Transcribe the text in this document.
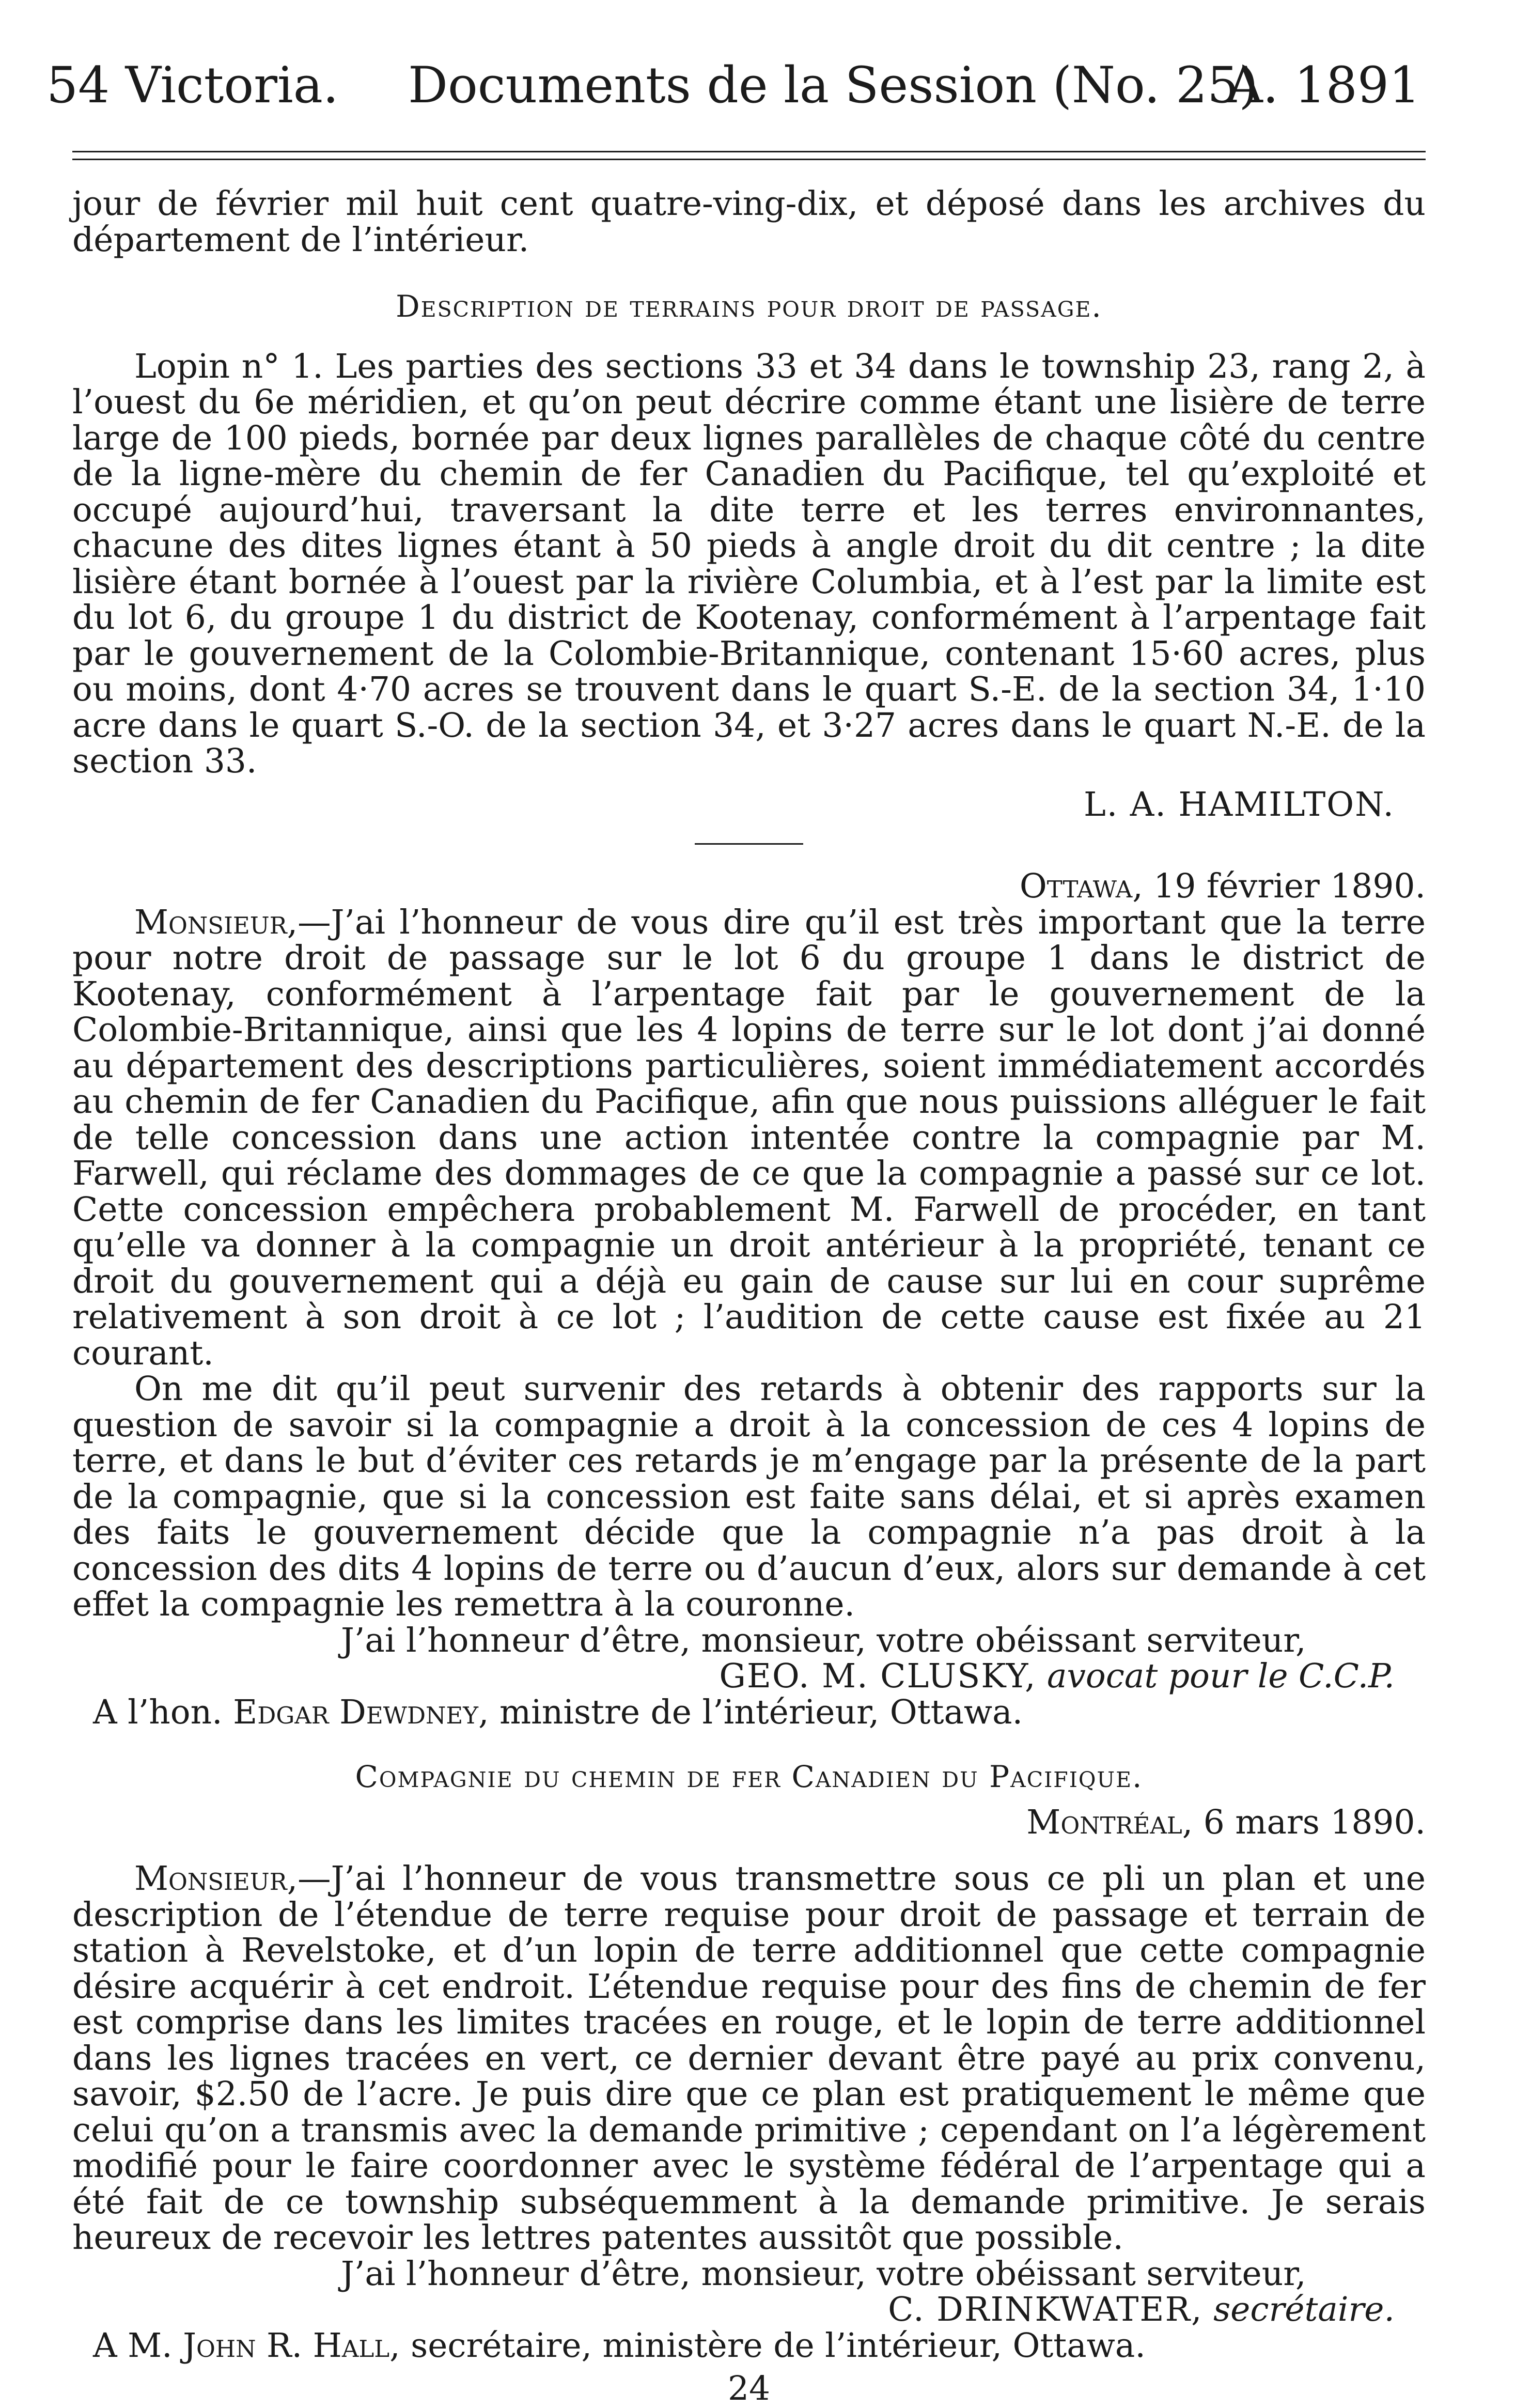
54 Victoria. Documents de la Session (No. 25)
A. 1891

jour de février mil huit cent quatre-ving-dix, et déposé dans les archives du département de l’intérieur.

Description de terrains pour droit de passage.

Lopin n° 1. Les parties des sections 33 et 34 dans le township 23, rang 2, à l’ouest du 6e méridien, et qu’on peut décrire comme étant une lisière de terre large de 100 pieds, bornée par deux lignes parallèles de chaque côté du centre de la ligne-mère du chemin de fer Canadien du Pacifique, tel qu’exploité et occupé aujourd’hui, traversant la dite terre et les terres environnantes, chacune des dites lignes étant à 50 pieds à angle droit du dit centre ; la dite lisière étant bornée à l’ouest par la rivière Columbia, et à l’est par la limite est du lot 6, du groupe 1 du district de Kootenay, conformément à l’arpentage fait par le gouvernement de la Colombie-Britannique, contenant 15·60 acres, plus ou moins, dont 4·70 acres se trouvent dans le quart S.-E. de la section 34, 1·10 acre dans le quart S.-O. de la section 34, et 3·27 acres dans le quart N.-E. de la section 33.

L. A. HAMILTON.

Ottawa, 19 février 1890.

Monsieur,—J’ai l’honneur de vous dire qu’il est très important que la terre pour notre droit de passage sur le lot 6 du groupe 1 dans le district de Kootenay, conformément à l’arpentage fait par le gouvernement de la Colombie-Britannique, ainsi que les 4 lopins de terre sur le lot dont j’ai donné au département des descriptions particulières, soient immédiatement accordés au chemin de fer Canadien du Pacifique, afin que nous puissions alléguer le fait de telle concession dans une action intentée contre la compagnie par M. Farwell, qui réclame des dommages de ce que la compagnie a passé sur ce lot. Cette concession empêchera probablement M. Farwell de procéder, en tant qu’elle va donner à la compagnie un droit antérieur à la propriété, tenant ce droit du gouvernement qui a déjà eu gain de cause sur lui en cour suprême relativement à son droit à ce lot ; l’audition de cette cause est fixée au 21 courant.

On me dit qu’il peut survenir des retards à obtenir des rapports sur la question de savoir si la compagnie a droit à la concession de ces 4 lopins de terre, et dans le but d’éviter ces retards je m’engage par la présente de la part de la compagnie, que si la concession est faite sans délai, et si après examen des faits le gouvernement décide que la compagnie n’a pas droit à la concession des dits 4 lopins de terre ou d’aucun d’eux, alors sur demande à cet effet la compagnie les remettra à la couronne.

J’ai l’honneur d’être, monsieur, votre obéissant serviteur,

GEO. M. CLUSKY, avocat pour le C.C.P.

A l’hon. Edgar Dewdney, ministre de l’intérieur, Ottawa.

Compagnie du chemin de fer Canadien du Pacifique.

Montréal, 6 mars 1890.

Monsieur,—J’ai l’honneur de vous transmettre sous ce pli un plan et une description de l’étendue de terre requise pour droit de passage et terrain de station à Revelstoke, et d’un lopin de terre additionnel que cette compagnie désire acquérir à cet endroit. L’étendue requise pour des fins de chemin de fer est comprise dans les limites tracées en rouge, et le lopin de terre additionnel dans les lignes tracées en vert, ce dernier devant être payé au prix convenu, savoir, $2.50 de l’acre. Je puis dire que ce plan est pratiquement le même que celui qu’on a transmis avec la demande primitive ; cependant on l’a légèrement modifié pour le faire coordonner avec le système fédéral de l’arpentage qui a été fait de ce township subséquemment à la demande primitive. Je serais heureux de recevoir les lettres patentes aussitôt que possible.

J’ai l’honneur d’être, monsieur, votre obéissant serviteur,

C. DRINKWATER, secrétaire.

A M. John R. Hall, secrétaire, ministère de l’intérieur, Ottawa.

24
